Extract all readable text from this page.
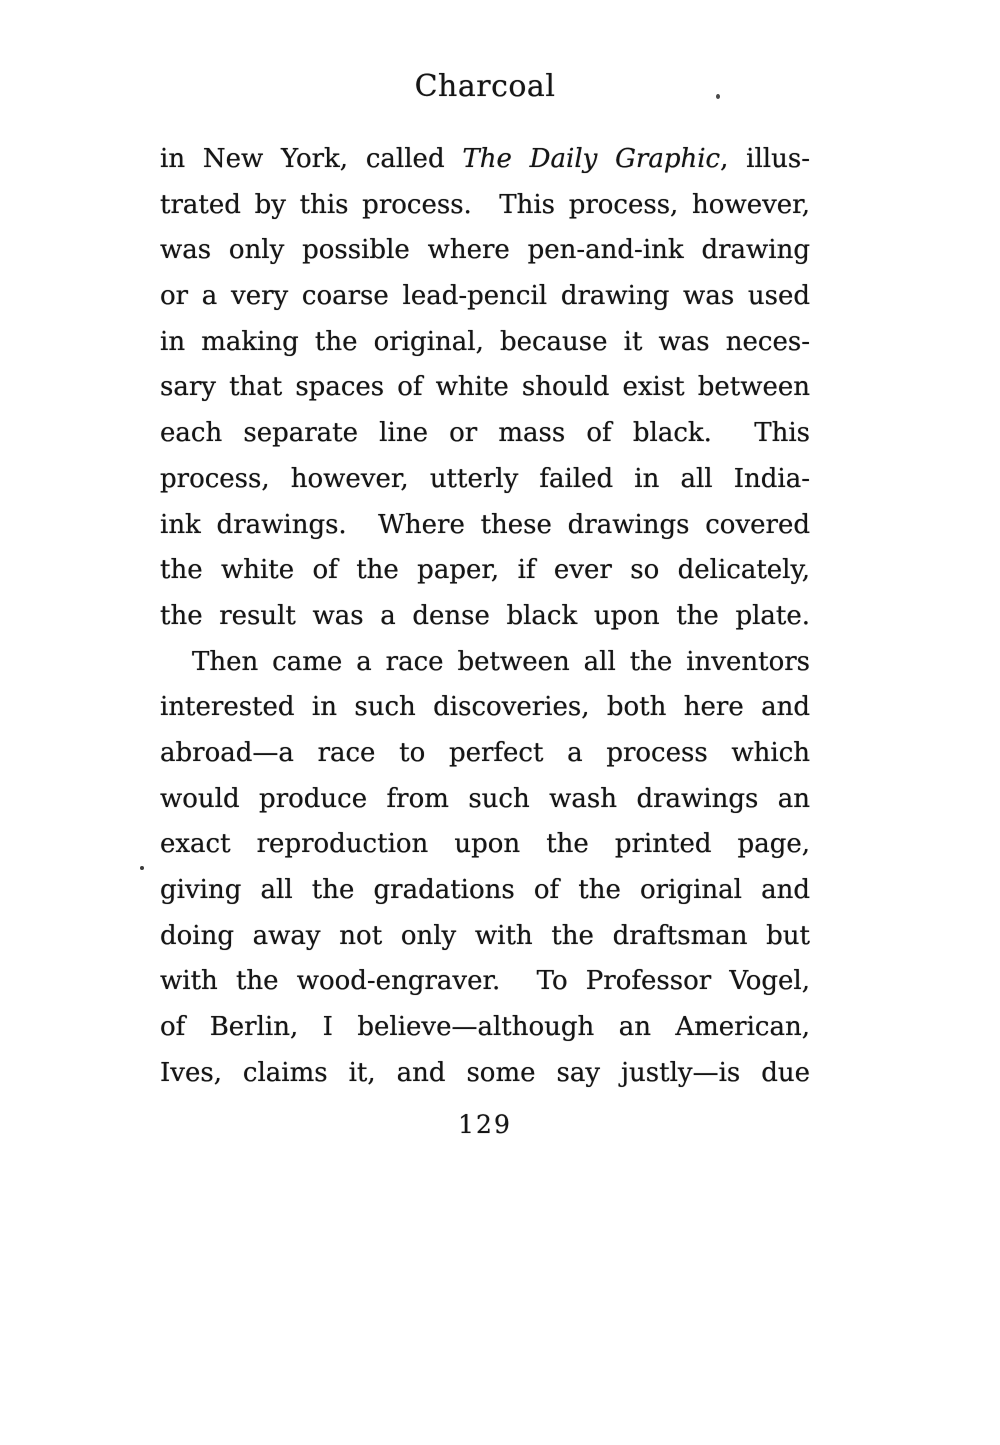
Charcoal
in New York, called The Daily Graphic, illus-
trated by this process.  This process, however,
was only possible where pen-and-ink drawing
or a very coarse lead-pencil drawing was used
in making the original, because it was neces-
sary that spaces of white should exist between
each separate line or mass of black.  This
process, however, utterly failed in all India-
ink drawings.  Where these drawings covered
the white of the paper, if ever so delicately,
the result was a dense black upon the plate.
Then came a race between all the inventors
interested in such discoveries, both here and
abroad—a race to perfect a process which
would produce from such wash drawings an
exact reproduction upon the printed page,
giving all the gradations of the original and
doing away not only with the draftsman but
with the wood-engraver.  To Professor Vogel,
of Berlin, I believe—although an American,
Ives, claims it, and some say justly—is due
129
